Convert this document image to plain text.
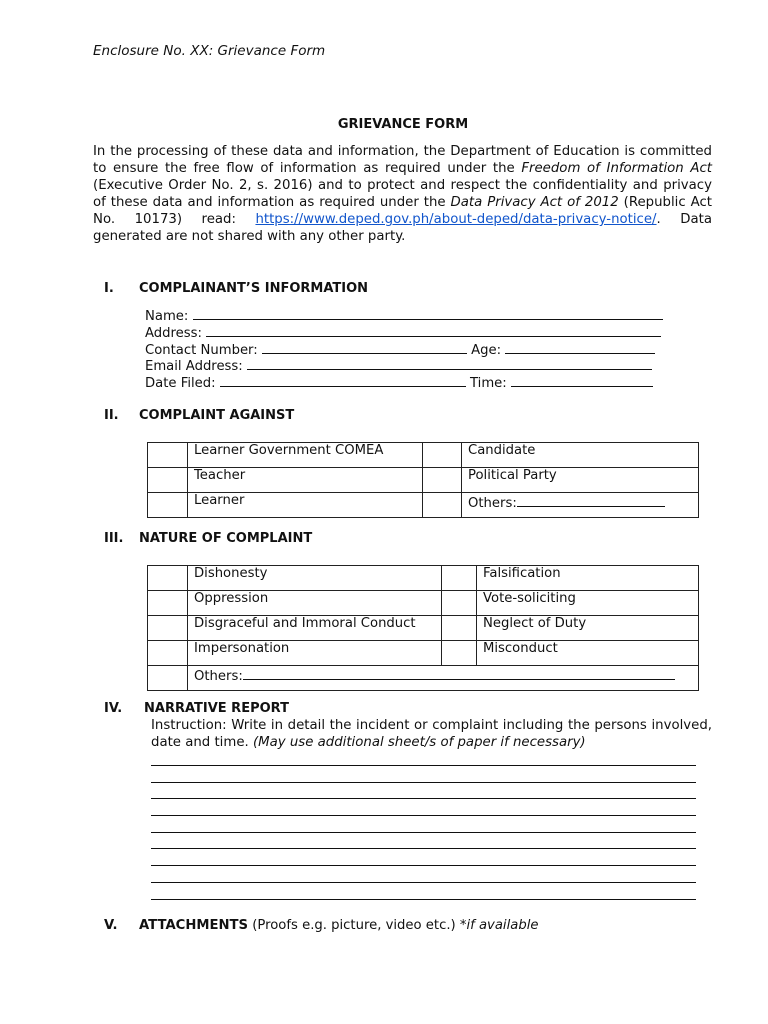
Enclosure No. XX: Grievance Form
GRIEVANCE FORM
In the processing of these data and information, the Department of Education is committed to ensure the free flow of information as required under the Freedom of Information Act (Executive Order No. 2, s. 2016) and to protect and respect the confidentiality and privacy of these data and information as required under the Data Privacy Act of 2012 (Republic Act No. 10173) read: https://www.deped.gov.ph/about-deped/data-privacy-notice/. Data generated are not shared with any other party.
I. COMPLAINANT’S INFORMATION
Name:
Address:
Contact Number:	Age:
Email Address:
Date Filed:	Time:
II. COMPLAINT AGAINST
	Learner Government COMEA		Candidate
	Teacher		Political Party
	Learner		Others:
III. NATURE OF COMPLAINT
	Dishonesty		Falsification
	Oppression		Vote-soliciting
	Disgraceful and Immoral Conduct		Neglect of Duty
	Impersonation		Misconduct
	Others:		
IV. NARRATIVE REPORT
Instruction: Write in detail the incident or complaint including the persons involved, date and time. (May use additional sheet/s of paper if necessary)
V. ATTACHMENTS (Proofs e.g. picture, video etc.) *if available
